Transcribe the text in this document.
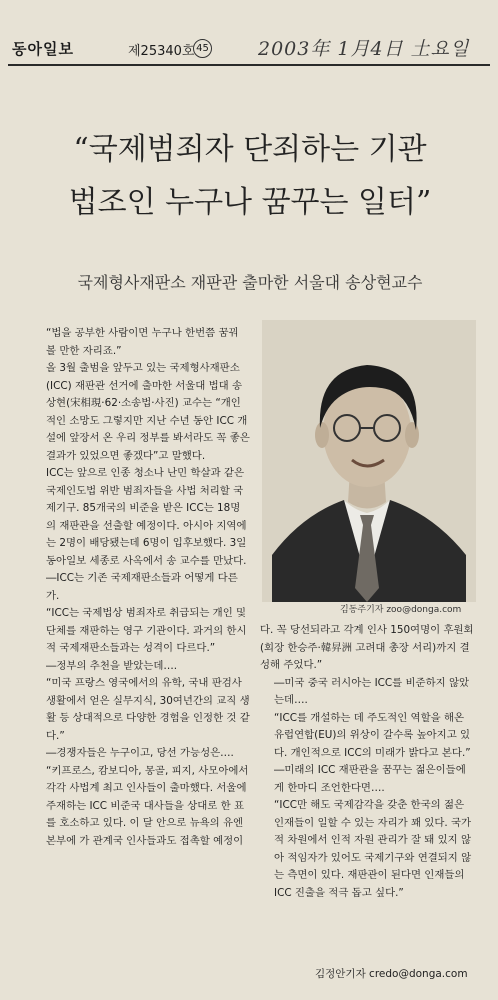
동아일보	제25340호 45	2003年 1月4日 土요일
“국제범죄자 단죄하는 기관
법조인 누구나 꿈꾸는 일터”
국제형사재판소 재판관 출마한 서울대 송상현교수

“법을 공부한 사람이면 누구나 한번쯤 꿈꿔 볼 만한 자리죠.”

올 3월 출범을 앞두고 있는 국제형사재판소(ICC) 재판관 선거에 출마한 서울대 법대 송상현(宋相現·62·소송법·사진) 교수는 “개인적인 소망도 그렇지만 지난 수년 동안 ICC 개설에 앞장서 온 우리 정부를 봐서라도 꼭 좋은 결과가 있었으면 좋겠다”고 말했다.

ICC는 앞으로 인종 청소나 난민 학살과 같은 국제인도법 위반 범죄자들을 사법 처리할 국제기구. 85개국의 비준을 받은 ICC는 18명의 재판관을 선출할 예정이다. 아시아 지역에는 2명이 배당됐는데 6명이 입후보했다. 3일 동아일보 세종로 사옥에서 송 교수를 만났다.

―ICC는 기존 국제재판소들과 어떻게 다른가.

“ICC는 국제법상 범죄자로 취급되는 개인 및 단체를 재판하는 영구 기관이다. 과거의 한시적 국제재판소들과는 성격이 다르다.”

―정부의 추천을 받았는데….

“미국 프랑스 영국에서의 유학, 국내 판검사 생활에서 얻은 실무지식, 30여년간의 교직 생활 등 상대적으로 다양한 경험을 인정한 것 같다.”

―경쟁자들은 누구이고, 당선 가능성은….

“키프로스, 캄보디아, 몽골, 피지, 사모아에서 각각 사법계 최고 인사들이 출마했다. 서울에 주재하는 ICC 비준국 대사들을 상대로 한 표를 호소하고 있다. 이 달 안으로 뉴욕의 유엔 본부에 가 관계국 인사들과도 접촉할 예정이

김동주기자 zoo@donga.com

다. 꼭 당선되라고 각계 인사 150여명이 후원회(회장 한승주·韓昇洲 고려대 총장 서리)까지 결성해 주었다.”

―미국 중국 러시아는 ICC를 비준하지 않았는데….

“ICC를 개설하는 데 주도적인 역할을 해온 유럽연합(EU)의 위상이 갈수록 높아지고 있다. 개인적으로 ICC의 미래가 밝다고 본다.”

―미래의 ICC 재판관을 꿈꾸는 젊은이들에게 한마디 조언한다면….

“ICC만 해도 국제감각을 갖춘 한국의 젊은 인재들이 일할 수 있는 자리가 꽤 있다. 국가적 차원에서 인적 자원 관리가 잘 돼 있지 않아 적임자가 있어도 국제기구와 연결되지 않는 측면이 있다. 재판관이 된다면 인재들의 ICC 진출을 적극 돕고 싶다.”

김정안기자 credo@donga.com
